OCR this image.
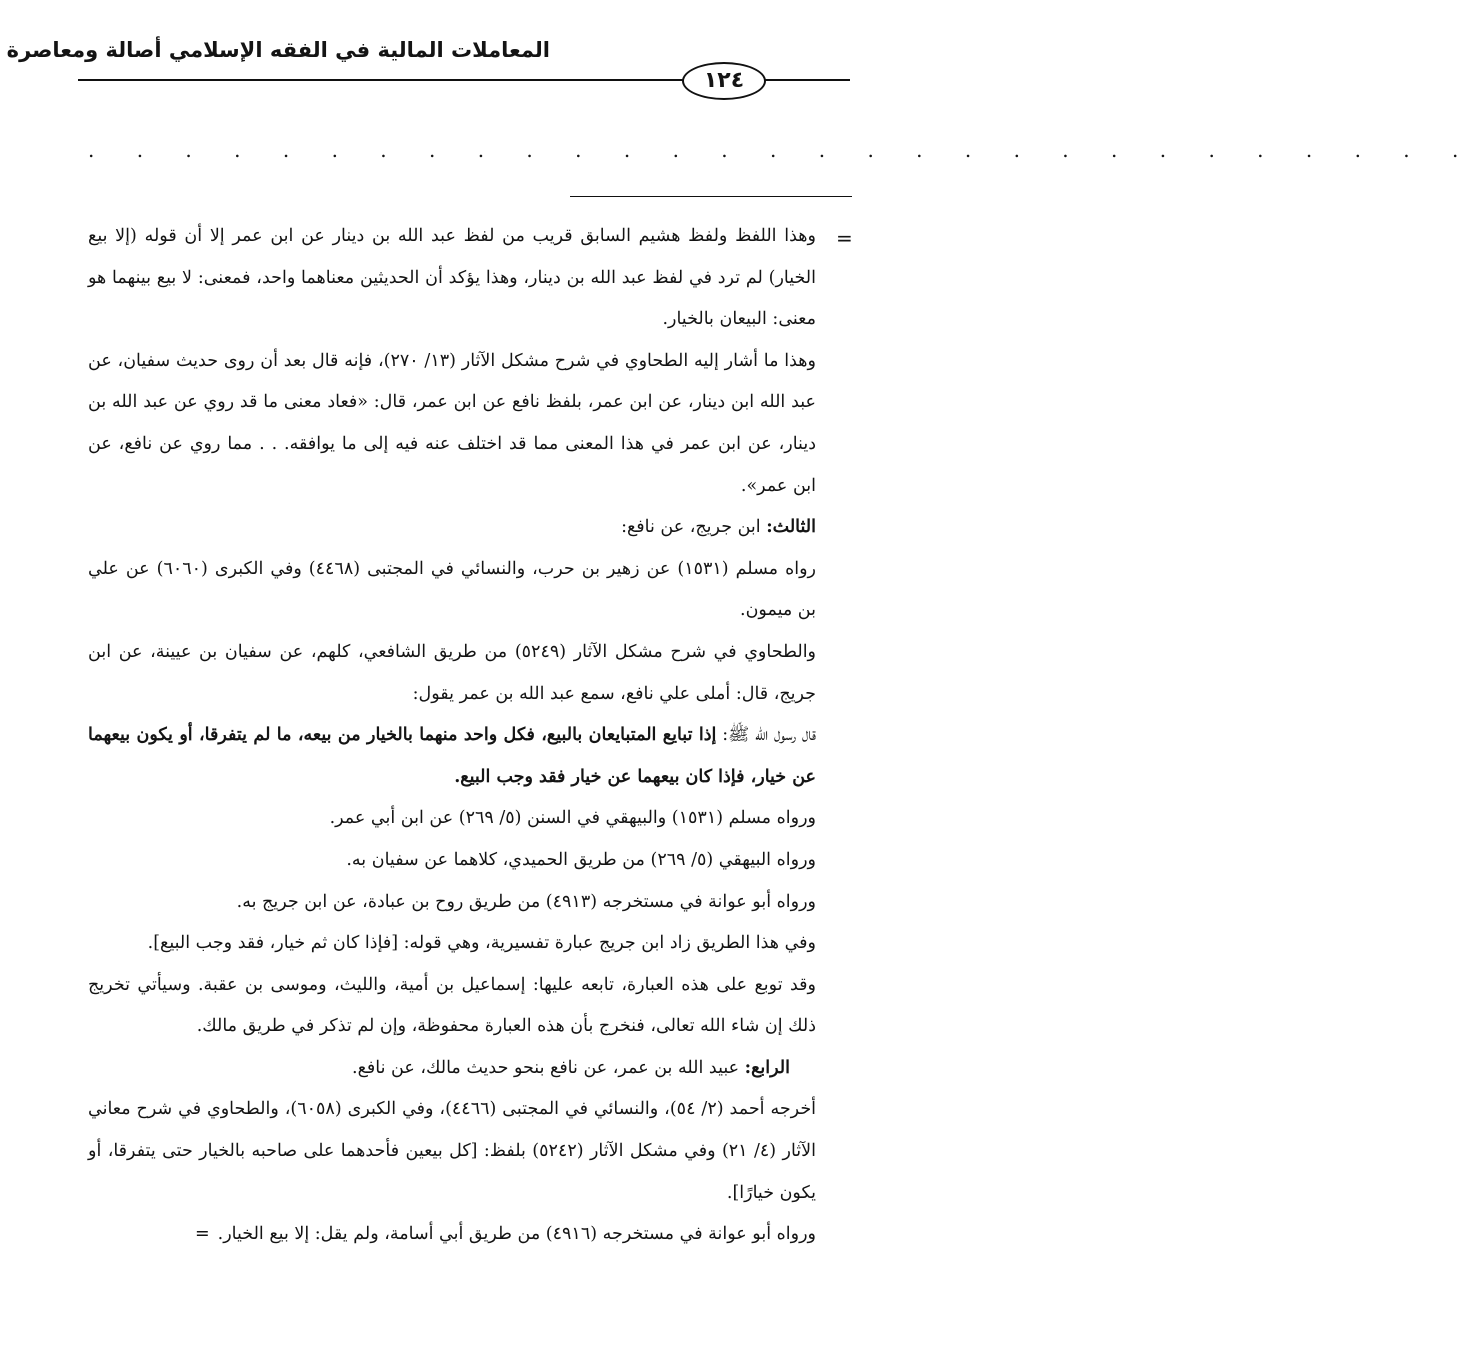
المعاملات المالية في الفقه الإسلامي أصالة ومعاصرة
١٢٤
. . . . . . . . . . . . . . . . . . . . . . . . . . . . .
=

وهذا اللفظ ولفظ هشيم السابق قريب من لفظ عبد الله بن دينار عن ابن عمر إلا أن قوله (إلا بيع الخيار) لم ترد في لفظ عبد الله بن دينار، وهذا يؤكد أن الحديثين معناهما واحد، فمعنى: لا بيع بينهما هو معنى: البيعان بالخيار.

وهذا ما أشار إليه الطحاوي في شرح مشكل الآثار (١٣/ ٢٧٠)، فإنه قال بعد أن روى حديث سفيان، عن عبد الله ابن دينار، عن ابن عمر، بلفظ نافع عن ابن عمر، قال: «فعاد معنى ما قد روي عن عبد الله بن دينار، عن ابن عمر في هذا المعنى مما قد اختلف عنه فيه إلى ما يوافقه. . . مما روي عن نافع، عن ابن عمر».

الثالث: ابن جريج، عن نافع:

رواه مسلم (١٥٣١) عن زهير بن حرب، والنسائي في المجتبى (٤٤٦٨) وفي الكبرى (٦٠٦٠) عن علي بن ميمون.

والطحاوي في شرح مشكل الآثار (٥٢٤٩) من طريق الشافعي، كلهم، عن سفيان بن عيينة، عن ابن جريج، قال: أملى علي نافع، سمع عبد الله بن عمر يقول:

قال رسول الله ﷺ: إذا تبايع المتبايعان بالبيع، فكل واحد منهما بالخيار من بيعه، ما لم يتفرقا، أو يكون بيعهما عن خيار، فإذا كان بيعهما عن خيار فقد وجب البيع.

ورواه مسلم (١٥٣١) والبيهقي في السنن (٥/ ٢٦٩) عن ابن أبي عمر.

ورواه البيهقي (٥/ ٢٦٩) من طريق الحميدي، كلاهما عن سفيان به.

ورواه أبو عوانة في مستخرجه (٤٩١٣) من طريق روح بن عبادة، عن ابن جريج به.

وفي هذا الطريق زاد ابن جريج عبارة تفسيرية، وهي قوله: [فإذا كان ثم خيار، فقد وجب البيع].

وقد توبع على هذه العبارة، تابعه عليها: إسماعيل بن أمية، والليث، وموسى بن عقبة. وسيأتي تخريج ذلك إن شاء الله تعالى، فنخرج بأن هذه العبارة محفوظة، وإن لم تذكر في طريق مالك.

الرابع: عبيد الله بن عمر، عن نافع بنحو حديث مالك، عن نافع.

أخرجه أحمد (٢/ ٥٤)، والنسائي في المجتبى (٤٤٦٦)، وفي الكبرى (٦٠٥٨)، والطحاوي في شرح معاني الآثار (٤/ ٢١) وفي مشكل الآثار (٥٢٤٢) بلفظ: [كل بيعين فأحدهما على صاحبه بالخيار حتى يتفرقا، أو يكون خيارًا].

ورواه أبو عوانة في مستخرجه (٤٩١٦) من طريق أبي أسامة، ولم يقل: إلا بيع الخيار.=
